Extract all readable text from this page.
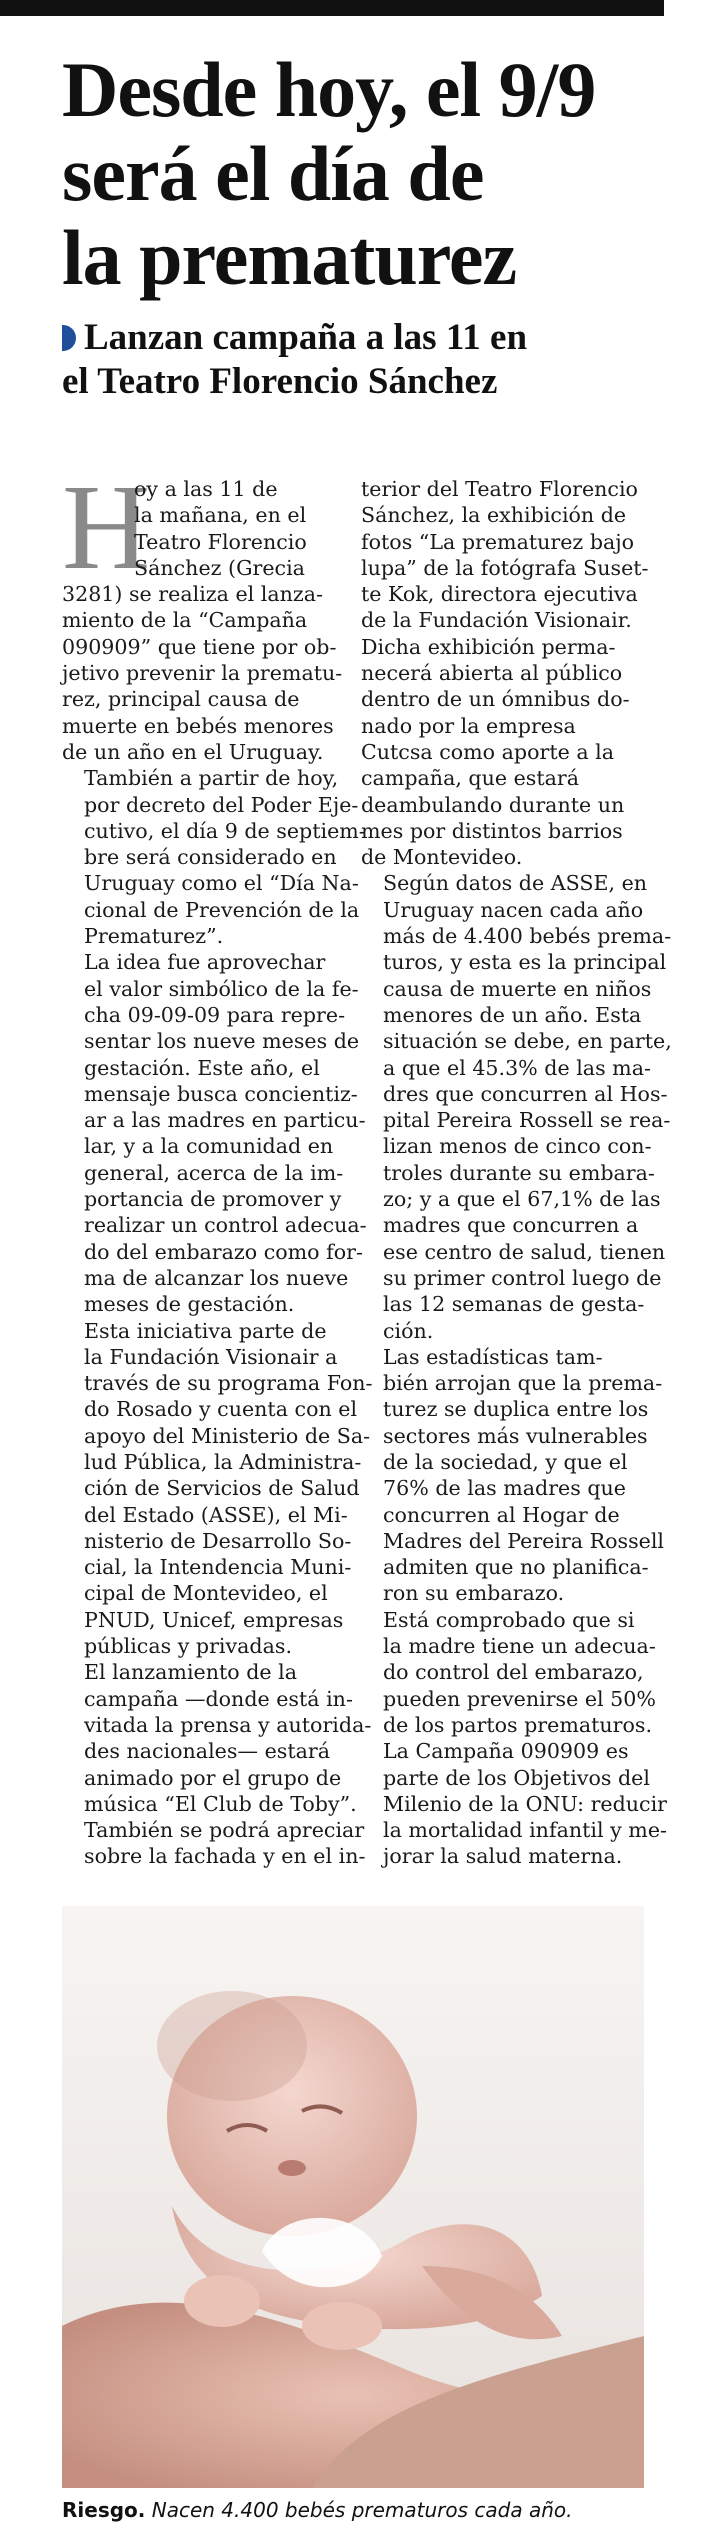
Desde hoy, el 9/9
será el día de
la prematurez
Lanzan campaña a las 11 en
el Teatro Florencio Sánchez

H
oy a las 11 de
la mañana, en el
Teatro Florencio
Sánchez (Grecia
3281) se realiza el lanza-
miento de la “Campaña
090909” que tiene por ob-
jetivo prevenir la prematu-
rez, principal causa de
muerte en bebés menores
de un año en el Uruguay.

También a partir de hoy,
por decreto del Poder Eje-
cutivo, el día 9 de septiem-
bre será considerado en
Uruguay como el “Día Na-
cional de Prevención de la
Prematurez”.

La idea fue aprovechar
el valor simbólico de la fe-
cha 09-09-09 para repre-
sentar los nueve meses de
gestación. Este año, el
mensaje busca concientiz-
ar a las madres en particu-
lar, y a la comunidad en
general, acerca de la im-
portancia de promover y
realizar un control adecua-
do del embarazo como for-
ma de alcanzar los nueve
meses de gestación.

Esta iniciativa parte de
la Fundación Visionair a
través de su programa Fon-
do Rosado y cuenta con el
apoyo del Ministerio de Sa-
lud Pública, la Administra-
ción de Servicios de Salud
del Estado (ASSE), el Mi-
nisterio de Desarrollo So-
cial, la Intendencia Muni-
cipal de Montevideo, el
PNUD, Unicef, empresas
públicas y privadas.

El lanzamiento de la
campaña —donde está in-
vitada la prensa y autorida-
des nacionales— estará
animado por el grupo de
música “El Club de Toby”.
También se podrá apreciar
sobre la fachada y en el in-

terior del Teatro Florencio
Sánchez, la exhibición de
fotos “La prematurez bajo
lupa” de la fotógrafa Suset-
te Kok, directora ejecutiva
de la Fundación Visionair.
Dicha exhibición perma-
necerá abierta al público
dentro de un ómnibus do-
nado por la empresa
Cutcsa como aporte a la
campaña, que estará
deambulando durante un
mes por distintos barrios
de Montevideo.

Según datos de ASSE, en
Uruguay nacen cada año
más de 4.400 bebés prema-
turos, y esta es la principal
causa de muerte en niños
menores de un año. Esta
situación se debe, en parte,
a que el 45.3% de las ma-
dres que concurren al Hos-
pital Pereira Rossell se rea-
lizan menos de cinco con-
troles durante su embara-
zo; y a que el 67,1% de las
madres que concurren a
ese centro de salud, tienen
su primer control luego de
las 12 semanas de gesta-
ción.

Las estadísticas tam-
bién arrojan que la prema-
turez se duplica entre los
sectores más vulnerables
de la sociedad, y que el
76% de las madres que
concurren al Hogar de
Madres del Pereira Rossell
admiten que no planifica-
ron su embarazo.

Está comprobado que si
la madre tiene un adecua-
do control del embarazo,
pueden prevenirse el 50%
de los partos prematuros.

La Campaña 090909 es
parte de los Objetivos del
Milenio de la ONU: reducir
la mortalidad infantil y me-
jorar la salud materna.

Riesgo. Nacen 4.400 bebés prematuros cada año.
